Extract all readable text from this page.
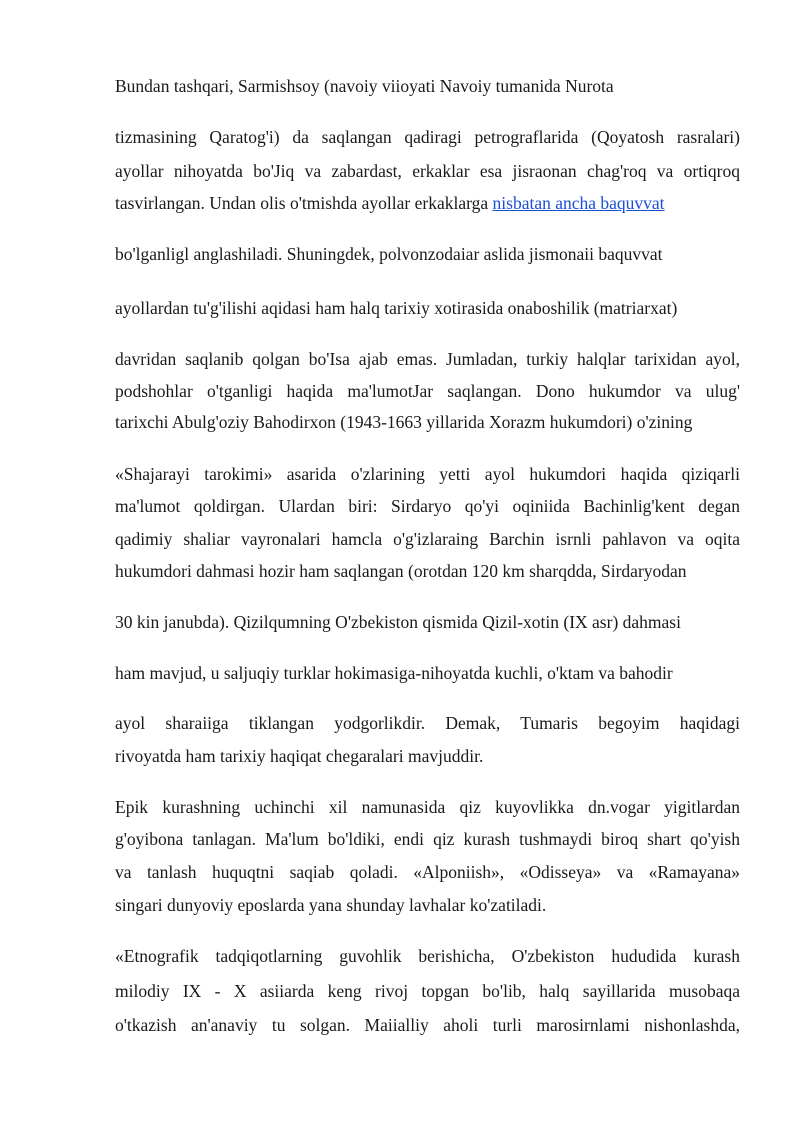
Bundan tashqari, Sarmishsoy (navoiy viioyati Navoiy tumanida Nurota
tizmasining Qaratog'i) da saqlangan qadiragi petrograflarida (Qoyatosh rasralari)
ayollar nihoyatda bo'Jiq va zabardast, erkaklar esa jisraonan chag'roq va ortiqroq
tasvirlangan. Undan olis o'tmishda ayollar erkaklarga nisbatan ancha baquvvat
bo'lganligl anglashiladi. Shuningdek, polvonzodaiar aslida jismonaii baquvvat
ayollardan tu'g'ilishi aqidasi ham halq tarixiy xotirasida onaboshilik (matriarxat)
davridan saqlanib qolgan bo'Isa ajab emas. Jumladan, turkiy halqlar tarixidan ayol,
podshohlar o'tganligi haqida ma'lumotJar saqlangan. Dono hukumdor va ulug'
tarixchi Abulg'oziy Bahodirxon (1943-1663 yillarida Xorazm hukumdori) o'zining
«Shajarayi tarokimi» asarida o'zlarining yetti ayol hukumdori haqida qiziqarli
ma'lumot qoldirgan. Ulardan biri: Sirdaryo qo'yi oqiniida Bachinlig'kent degan
qadimiy shaliar vayronalari hamcla o'g'izlaraing Barchin isrnli pahlavon va oqita
hukumdori dahmasi hozir ham saqlangan (orotdan 120 km sharqdda, Sirdaryodan
30 kin janubda). Qizilqumning O'zbekiston qismida Qizil-xotin (IX asr) dahmasi
ham mavjud, u saljuqiy turklar hokimasiga-nihoyatda kuchli, o'ktam va bahodir
ayol sharaiiga tiklangan yodgorlikdir. Demak, Tumaris begoyim haqidagi
rivoyatda ham tarixiy haqiqat chegaralari mavjuddir.
Epik kurashning uchinchi xil namunasida qiz kuyovlikka dn.vogar yigitlardan
g'oyibona tanlagan. Ma'lum bo'ldiki, endi qiz kurash tushmaydi biroq shart qo'yish
va tanlash huquqtni saqiab qoladi. «Alponiish», «Odisseya» va «Ramayana»
singari dunyoviy eposlarda yana shunday lavhalar ko'zatiladi.
«Etnografik tadqiqotlarning guvohlik berishicha, O'zbekiston hududida kurash
milodiy IX - X asiiarda keng rivoj topgan bo'lib, halq sayillarida musobaqa
o'tkazish an'anaviy tu solgan. Maiialliy aholi turli marosirnlami nishonlashda,
